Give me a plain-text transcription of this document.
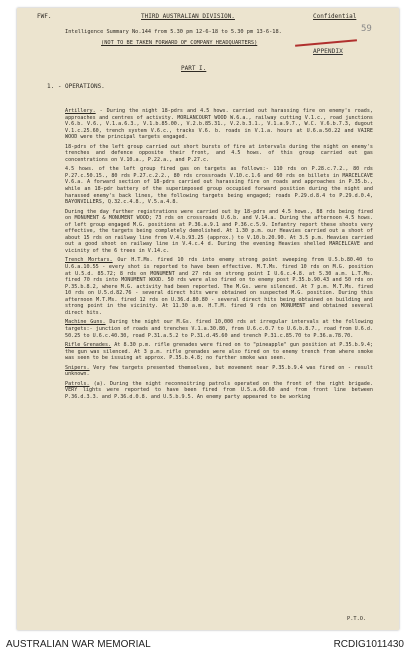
FWF.	THIRD AUSTRALIAN DIVISION.	Confidential
59
Intelligence Summary No.144 from 5.30 pm 12-6-18 to 5.30 pm 13-6-18.
(NOT TO BE TAKEN FORWARD OF COMPANY HEADQUARTERS)
APPENDIX
PART I.
1. - OPERATIONS.

Artillery. - During the night 18-pdrs and 4.5 hows. carried out harassing fire on enemy's roads, approaches and centres of activity. MORLANCOURT WOOD W.6.a., railway cutting V.1.c., road junctions V.6.b. V.6., V.1.a.6.3., V.1.b.85.00., V.2.b.85.31., V.2.b.3.1., V.1.a.9.7., W.C. V.6.b.7.3, dugout V.1.c.25.60, trench system V.6.c., tracks V.6. b. roads in V.1.a. hours at U.6.a.50.22 and VAIRE WOOD were the principal targets engaged.

18-pdrs of the left group carried out short bursts of fire at intervals during the night on enemy's trenches and defence opposite their front, and 4.5 hows. of this group carried out gas concentrations on V.10.a., P.22.a., and P.27.c.

4.5 hows. of the left group fired gas on targets as follows:- 110 rds on P.28.c.7.2., 80 rds P.27.c.50.15., 80 rds P.27.c.2.2., 80 rds crossroads V.10.c.1.6 and 60 rds on billets in MARCELCAVE V.6.a. A forward section of 18-pdrs carried out harassing fire on roads and approaches in P.35.b., while an 18-pdr battery of the superimposed group occupied forward position during the night and harassed enemy's back lines, the following targets being engaged; roads P.29.d.8.4 to P.29.d.0.4, BAYONVILLERS, Q.32.c.4.8., V.5.a.4.8.

During the day further registrations were carried out by 18-pdrs and 4.5 hows., 88 rds being fired on MONUMENT & MONUMENT WOOD; 73 rds on crossroads U.6.b. and V.14.a. During the afternoon 4.5 hows. of left group engaged M.G. positions at P.36.a.9.1 and P.36.c.5.9. Infantry report these shoots very effective, the targets being completely demolished. At 1.30 p.m. our Heavies carried out a shoot of about 15 rds on railway line from V.4.b.93.25 (approx.) to V.10.b.20.90. At 3.5 p.m. Heavies carried out a good shoot on railway line in V.4.c.4 d. During the evening Heavies shelled MARCELCAVE and vicinity of the 6 trees in V.14.c.

Trench Mortars. Our H.T.Ms. fired 10 rds into enemy strong point sweeping from U.5.b.80.40 to U.6.a.10.55 - every shot is reported to have been effective. M.T.Ms. fired 10 rds on M.G. position at U.5.d. 85.72; 8 rds on MONUMENT and 27 rds on strong point I U.6.c.4.8. at 5.30 a.m. L.T.Ms. fired 70 rds into MONUMENT WOOD. 50 rds were also fired on to enemy post P.35.b.90.43 and 50 rds on P.35.b.8.2, where M.G. activity had been reported. The M.Gs. were silenced. At 7 p.m. M.T.Ms. fired 10 rds on U.5.d.82.76 - several direct hits were obtained on suspected M.G. position. During this afternoon M.T.Ms. fired 12 rds on U.36.d.80.80 - several direct hits being obtained on building and strong point in the vicinity. At 11.30 a.m. H.T.M. fired 9 rds on MONUMENT and obtained several direct hits.

Machine Guns. During the night our M.Gs. fired 10,000 rds at irregular intervals at the following targets:- junction of roads and trenches V.1.a.30.80, from U.6.c.0.7 to U.6.b.8.7., road from U.6.d. 50.25 to U.6.c.40.30, road P.31.a.5.2 to P.31.d.45.60 and trench P.31.c.85.70 to P.36.a.78.70.

Rifle Grenades. At 8.30 p.m. rifle grenades were fired on to "pineapple" gun position at P.35.b.9.4; the gun was silenced. At 3 p.m. rifle grenades were also fired on to enemy trench from where smoke was seen to be issuing at approx. P.35.b.4.8; no further smoke was seen.

Snipers. Very few targets presented themselves, but movement near P.35.b.9.4 was fired on - result unknown.

Patrols. (a). During the night reconnoitring patrols operated on the front of the right brigade. VERY lights were reported to have been fired from U.5.a.60.60 and from front line between P.36.d.3.3. and P.36.d.0.8. and U.5.b.9.5. An enemy party appeared to be working

P.T.O.
AUSTRALIAN WAR MEMORIAL	RCDIG1011430
